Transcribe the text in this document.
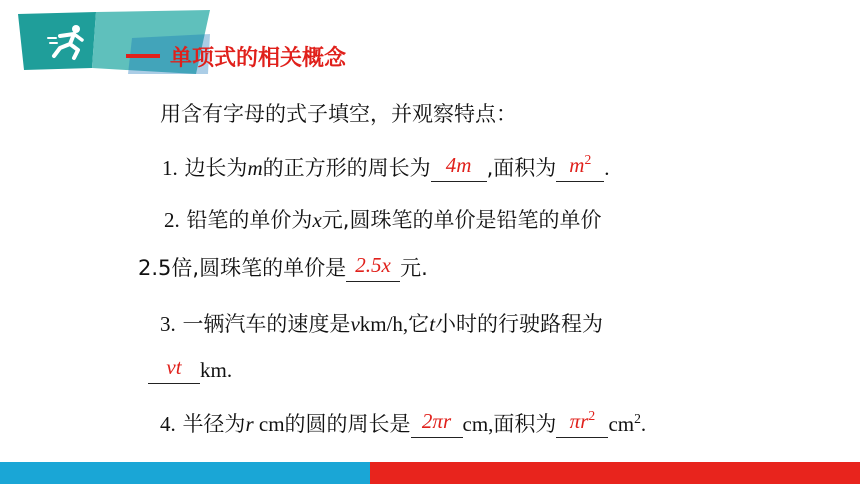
单项式的相关概念
用含有字母的式子填空，并观察特点：
1. 边长为m的正方形的周长为 4m ,面积为 $m^2$ .
2. 铅笔的单价为x元,圆珠笔的单价是铅笔的单价
2.5倍,圆珠笔的单价是 2.5x 元.
3. 一辆汽车的速度是vkm/h,它t小时的行驶路程为
vt km.
4. 半径为r cm的圆的周长是 2πr cm,面积为 $\pi r^2$ $cm^2$.
